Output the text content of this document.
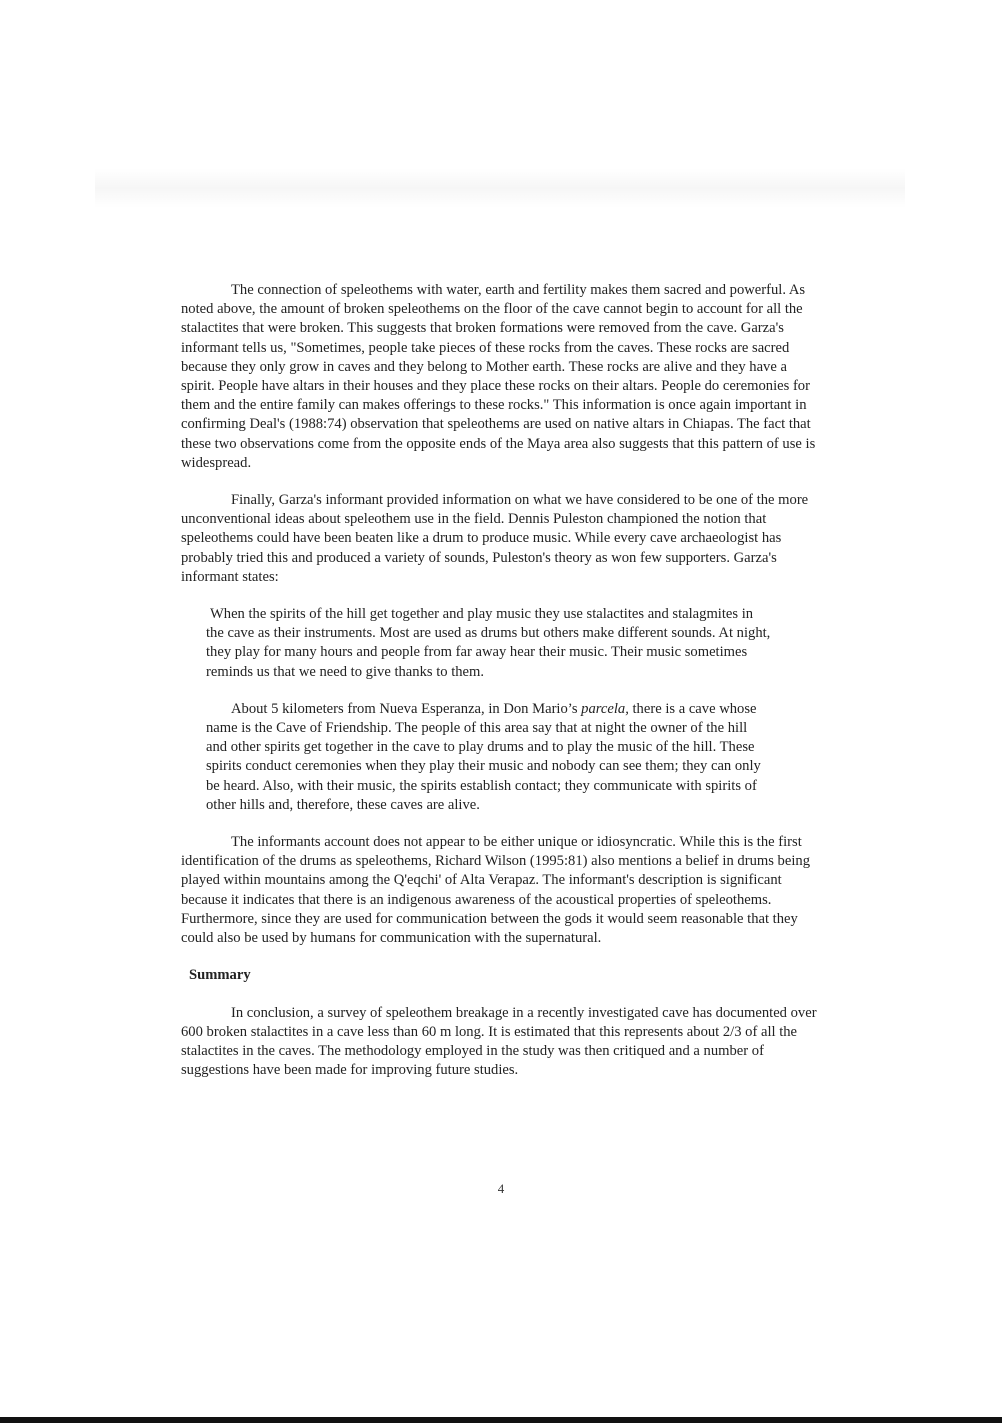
The connection of speleothems with water, earth and fertility makes them sacred and powerful. As noted above, the amount of broken speleothems on the floor of the cave cannot begin to account for all the stalactites that were broken. This suggests that broken formations were removed from the cave. Garza's informant tells us, "Sometimes, people take pieces of these rocks from the caves. These rocks are sacred because they only grow in caves and they belong to Mother earth. These rocks are alive and they have a spirit. People have altars in their houses and they place these rocks on their altars. People do ceremonies for them and the entire family can makes offerings to these rocks." This information is once again important in confirming Deal's (1988:74) observation that speleothems are used on native altars in Chiapas. The fact that these two observations come from the opposite ends of the Maya area also suggests that this pattern of use is widespread.

Finally, Garza's informant provided information on what we have considered to be one of the more unconventional ideas about speleothem use in the field. Dennis Puleston championed the notion that speleothems could have been beaten like a drum to produce music. While every cave archaeologist has probably tried this and produced a variety of sounds, Puleston's theory as won few supporters. Garza's informant states:

When the spirits of the hill get together and play music they use stalactites and stalagmites in the cave as their instruments. Most are used as drums but others make different sounds. At night, they play for many hours and people from far away hear their music. Their music sometimes reminds us that we need to give thanks to them.

About 5 kilometers from Nueva Esperanza, in Don Mario’s parcela, there is a cave whose name is the Cave of Friendship. The people of this area say that at night the owner of the hill and other spirits get together in the cave to play drums and to play the music of the hill. These spirits conduct ceremonies when they play their music and nobody can see them; they can only be heard. Also, with their music, the spirits establish contact; they communicate with spirits of other hills and, therefore, these caves are alive.

The informants account does not appear to be either unique or idiosyncratic. While this is the first identification of the drums as speleothems, Richard Wilson (1995:81) also mentions a belief in drums being played within mountains among the Q'eqchi' of Alta Verapaz. The informant's description is significant because it indicates that there is an indigenous awareness of the acoustical properties of speleothems. Furthermore, since they are used for communication between the gods it would seem reasonable that they could also be used by humans for communication with the supernatural.

Summary

In conclusion, a survey of speleothem breakage in a recently investigated cave has documented over 600 broken stalactites in a cave less than 60 m long. It is estimated that this represents about 2/3 of all the stalactites in the caves. The methodology employed in the study was then critiqued and a number of suggestions have been made for improving future studies.

4
